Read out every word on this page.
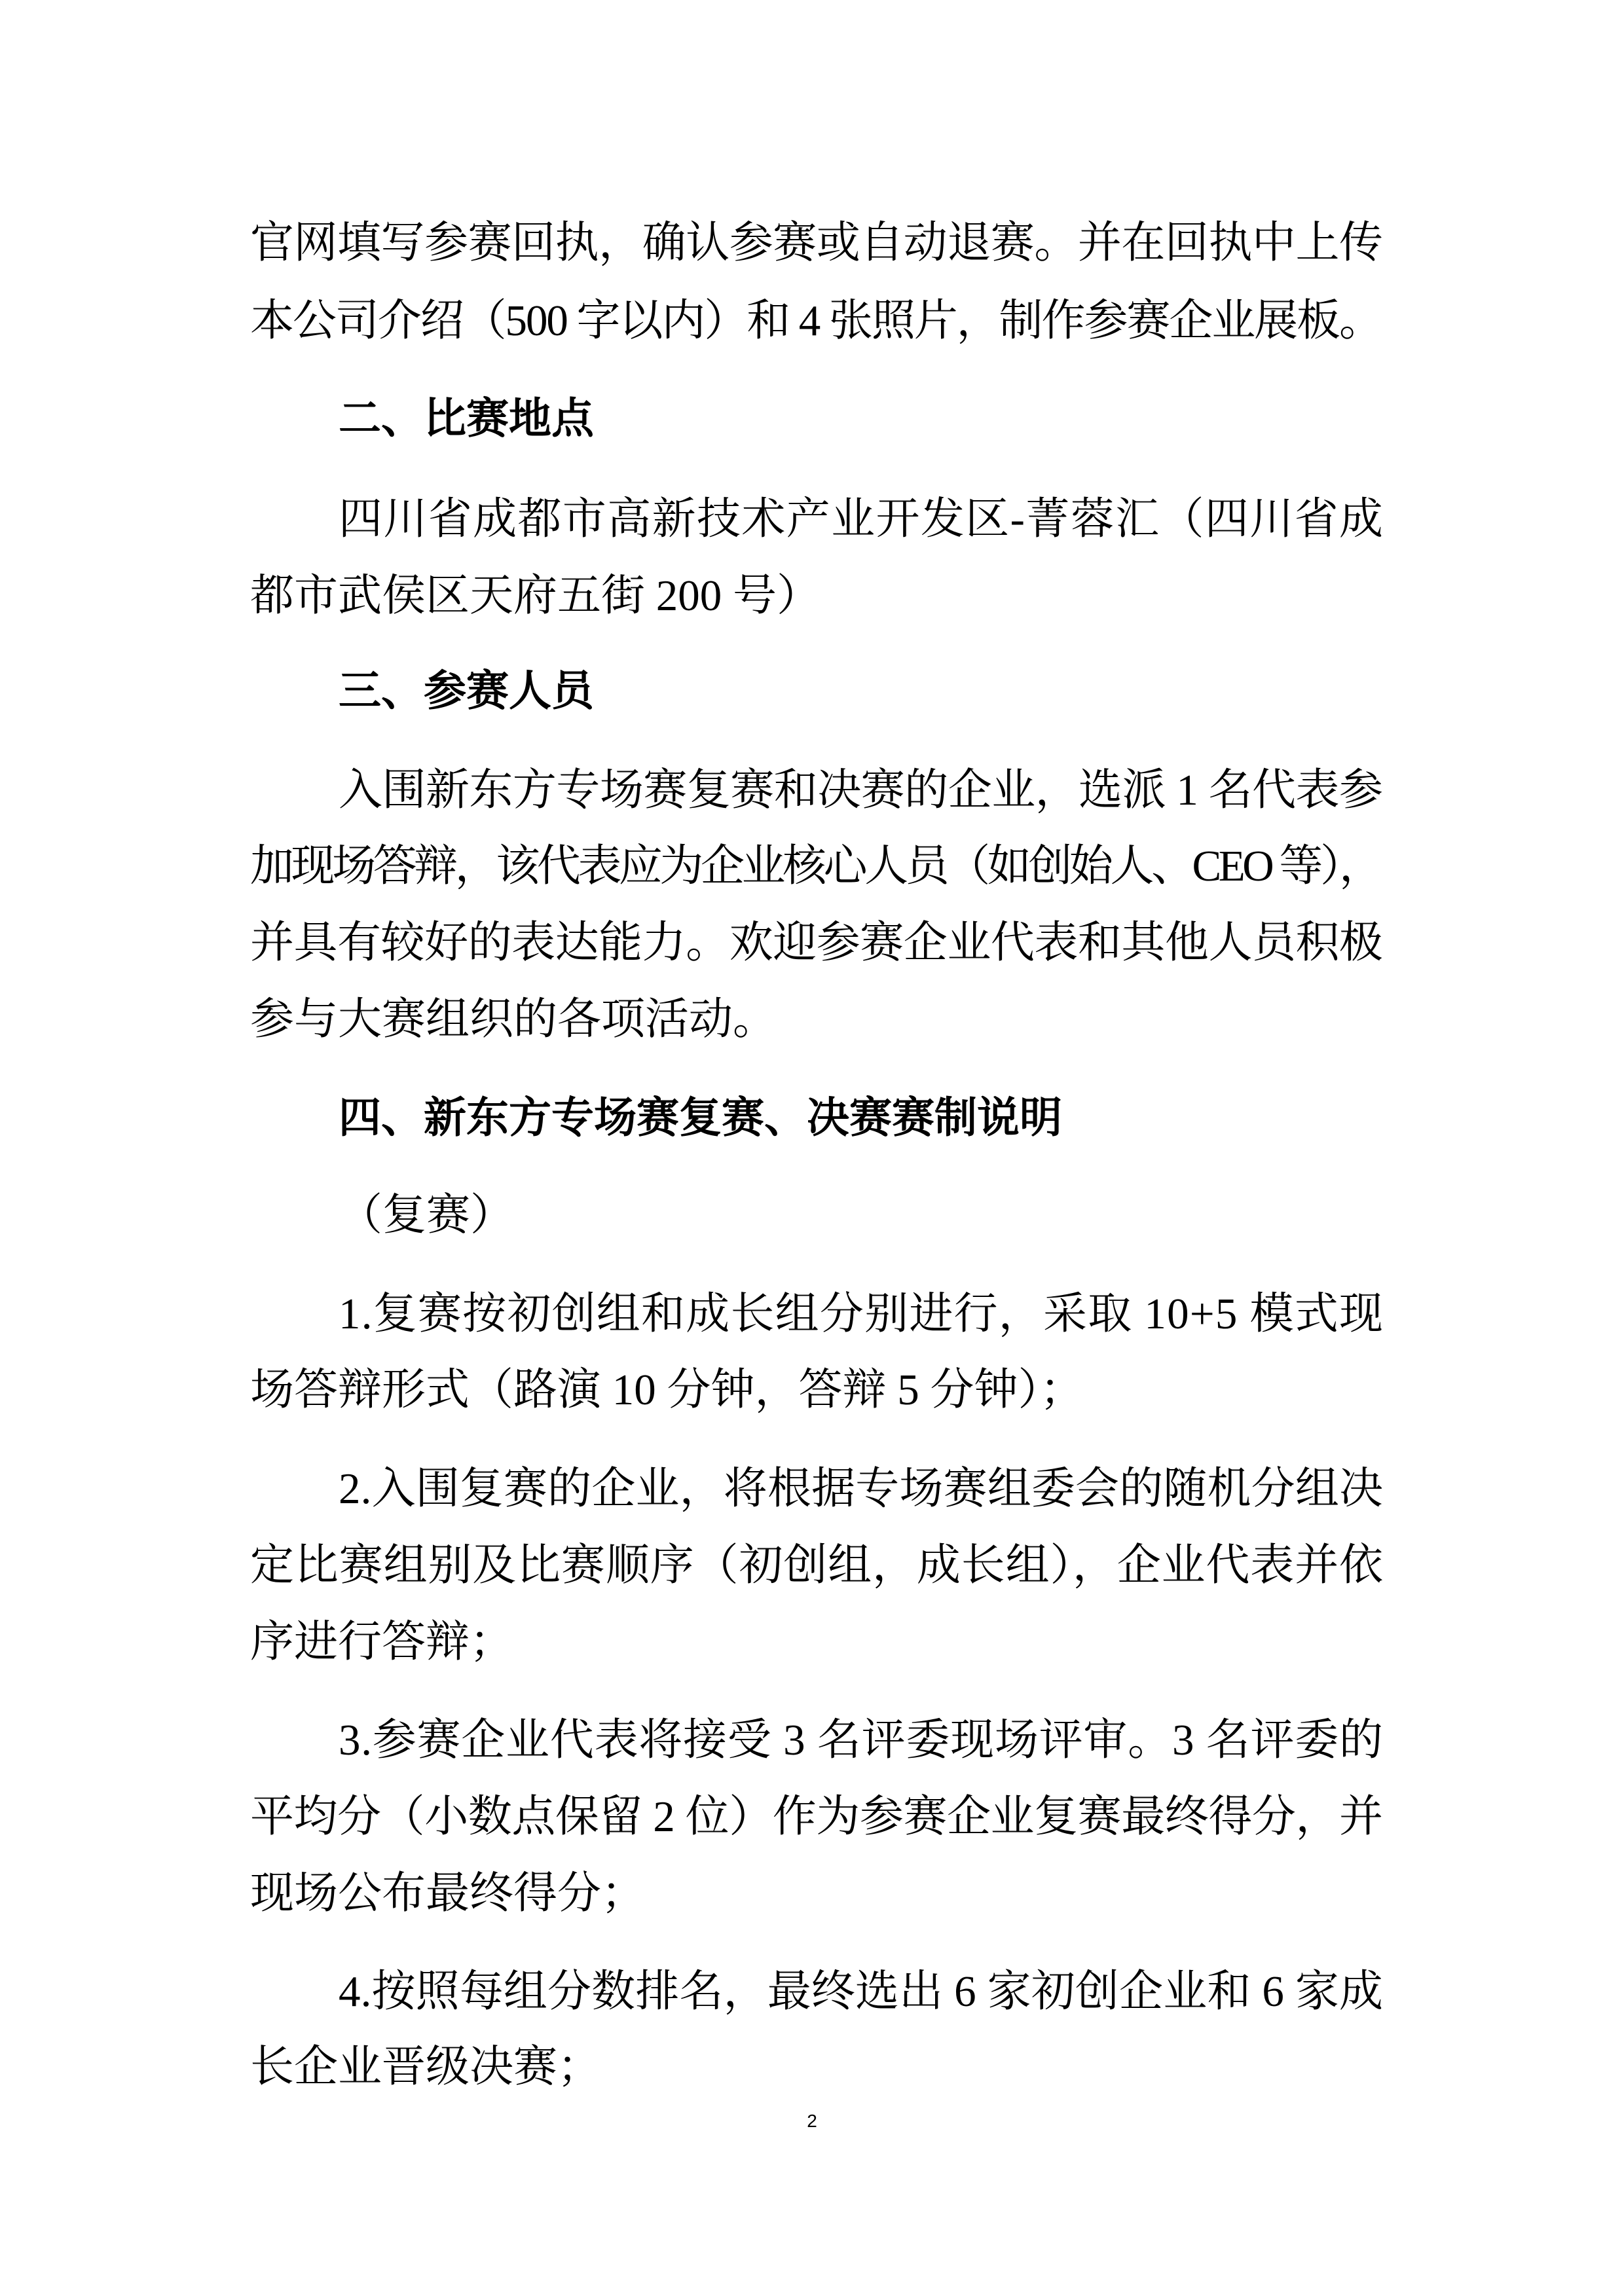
官网填写参赛回执，确认参赛或自动退赛。并在回执中上传
本公司介绍（500 字以内）和 4 张照片，制作参赛企业展板。
二、比赛地点
四川省成都市高新技术产业开发区-菁蓉汇（四川省成
都市武侯区天府五街 200 号）
三、参赛人员
入围新东方专场赛复赛和决赛的企业，选派 1 名代表参
加现场答辩，该代表应为企业核心人员（如创始人、CEO 等），
并具有较好的表达能力。欢迎参赛企业代表和其他人员积极
参与大赛组织的各项活动。
四、新东方专场赛复赛、决赛赛制说明
（复赛）
1.复赛按初创组和成长组分别进行，采取 10+5 模式现
场答辩形式（路演 10 分钟，答辩 5 分钟）；
2.入围复赛的企业，将根据专场赛组委会的随机分组决
定比赛组别及比赛顺序（初创组，成长组），企业代表并依
序进行答辩；
3.参赛企业代表将接受 3 名评委现场评审。3 名评委的
平均分（小数点保留 2 位）作为参赛企业复赛最终得分，并
现场公布最终得分；
4.按照每组分数排名，最终选出 6 家初创企业和 6 家成
长企业晋级决赛；
2
